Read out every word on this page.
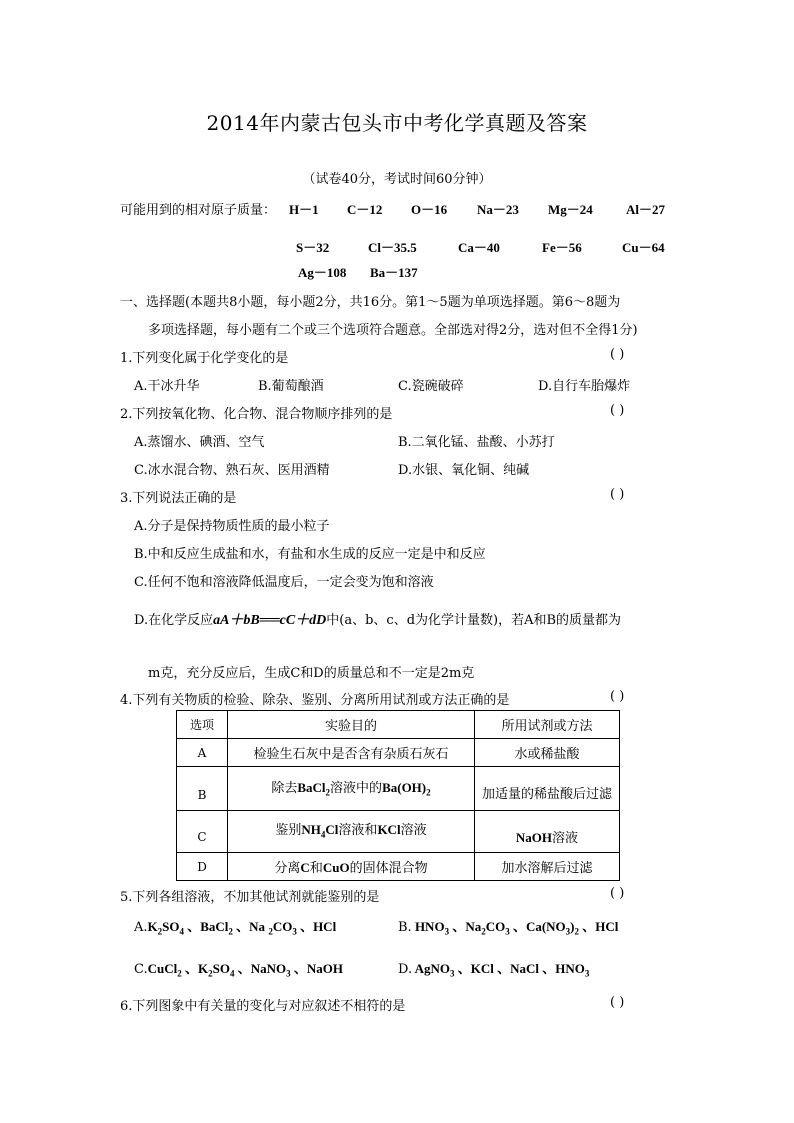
2014年内蒙古包头市中考化学真题及答案
（试卷40分，考试时间60分钟）
可能用到的相对原子质量： H－1 C－12 O－16 Na－23 Mg－24	Al－27
S－32	Cl－35.5	Ca－40	Fe－56	Cu－64
Ag－108 Ba－137
一、选择题(本题共8小题，每小题2分，共16分。第1～5题为单项选择题。第6～8题为
多项选择题，每小题有二个或三个选项符合题意。全部选对得2分，选对但不全得1分)
1.下列变化属于化学变化的是	( )
A.干冰升华	B.葡萄酿酒	C.瓷碗破碎	D.自行车胎爆炸
2.下列按氧化物、化合物、混合物顺序排列的是	( )
A.蒸馏水、碘酒、空气	B.二氧化锰、盐酸、小苏打
C.冰水混合物、熟石灰、医用酒精	D.水银、氧化铜、纯碱
3.下列说法正确的是	( )
A.分子是保持物质性质的最小粒子
B.中和反应生成盐和水，有盐和水生成的反应一定是中和反应
C.任何不饱和溶液降低温度后，一定会变为饱和溶液
D.在化学反应aA＋bB══cC＋dD中(a、b、c、d为化学计量数)，若A和B的质量都为
m克，充分反应后，生成C和D的质量总和不一定是2m克
4.下列有关物质的检验、除杂、鉴别、分离所用试剂或方法正确的是	( )
选项	实验目的	所用试剂或方法
A	检验生石灰中是否含有杂质石灰石	水或稀盐酸
B	除去BaCl$_2$溶液中的$Ba(OH)_2$	加适量的稀盐酸后过滤
C	鉴别$NH_4Cl$溶液和KCl溶液	NaOH溶液
D	分离C和CuO的固体混合物	加水溶解后过滤
5.下列各组溶液，不加其他试剂就能鉴别的是	( )
$A.K_2SO_4$ 、BaCl$_2$ 、Na $_2CO_3$ 、HCl	B. $HNO_3$ 、$Na_2CO_3$ 、$Ca(NO_3)_2$ 、HCl
C.CuCl$_2$ 、$K_2SO_4$ 、NaNO$_3$ 、NaOH	D. AgNO$_3$ 、KCl 、NaCl 、$HNO_3$
6.下列图象中有关量的变化与对应叙述不相符的是	( )
